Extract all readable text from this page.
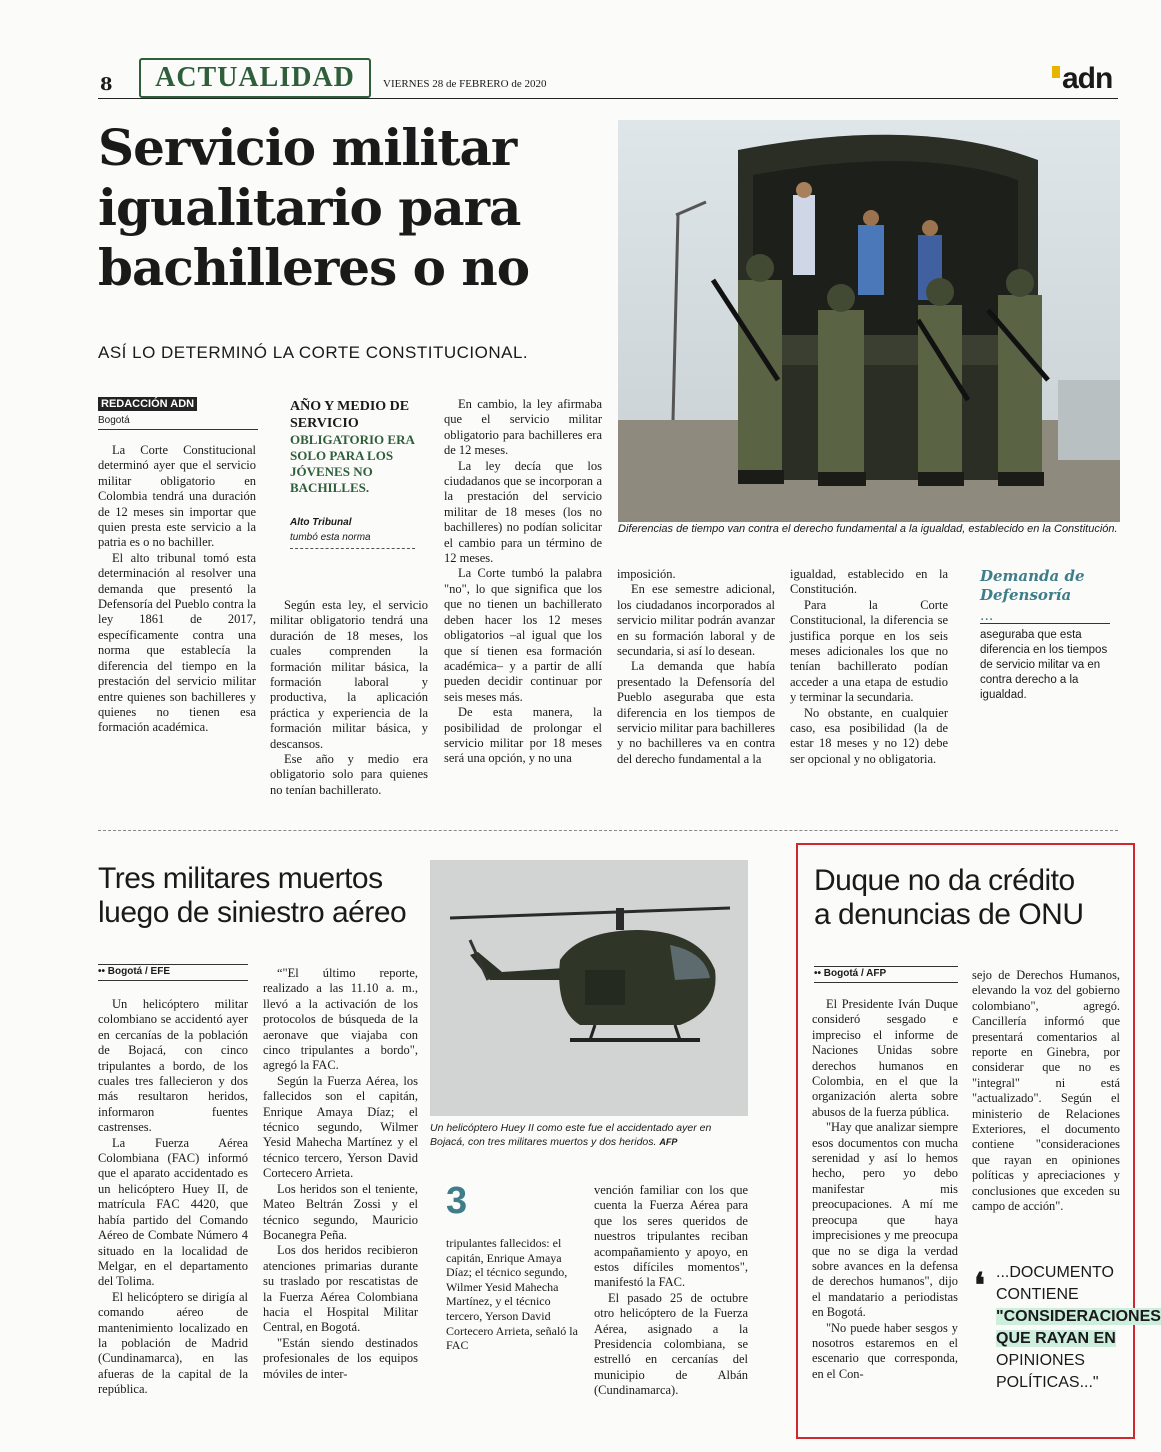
8	ACTUALIDAD	VIERNES 28 de FEBRERO de 2020	adn
Servicio militar
igualitario para
bachilleres o no
ASÍ LO DETERMINÓ LA CORTE CONSTITUCIONAL.
Diferencias de tiempo van contra el derecho fundamental a la igualdad, establecido en la Constitución.
REDACCIÓN ADN
Bogotá

La Corte Constitucional determinó ayer que el servicio militar obligatorio en Colombia tendrá una duración de 12 meses sin importar que quien presta este servicio a la patria es o no bachiller.

El alto tribunal tomó esta determinación al resolver una demanda que presentó la Defensoría del Pueblo contra la ley 1861 de 2017, específicamente contra una norma que establecía la diferencia del tiempo en la prestación del servicio militar entre quienes son bachilleres y quienes no tienen esa formación académica.

AÑO Y MEDIO DE SERVICIO
OBLIGATORIO ERA SOLO PARA LOS JÓVENES NO BACHILLES.
Alto Tribunal
tumbó esta norma

Según esta ley, el servicio militar obligatorio tendrá una duración de 18 meses, los cuales comprenden la formación militar básica, la formación laboral y productiva, la aplicación práctica y experiencia de la formación militar básica, y descansos.

Ese año y medio era obligatorio solo para quienes no tenían bachillerato.

En cambio, la ley afirmaba que el servicio militar obligatorio para bachilleres era de 12 meses.

La ley decía que los ciudadanos que se incorporan a la prestación del servicio militar de 18 meses (los no bachilleres) no podían solicitar el cambio para un término de 12 meses.

La Corte tumbó la palabra "no", lo que significa que los que no tienen un bachillerato deben hacer los 12 meses obligatorios –al igual que los que sí tienen esa formación académica– y a partir de allí pueden decidir continuar por seis meses más.

De esta manera, la posibilidad de prolongar el servicio militar por 18 meses será una opción, y no una

imposición.

En ese semestre adicional, los ciudadanos incorporados al servicio militar podrán avanzar en su formación laboral y de secundaria, si así lo desean.

La demanda que había presentado la Defensoría del Pueblo aseguraba que esta diferencia en los tiempos de servicio militar para bachilleres y no bachilleres va en contra del derecho fundamental a la

igualdad, establecido en la Constitución.

Para la Corte Constitucional, la diferencia se justifica porque en los seis meses adicionales los que no tenían bachillerato podían acceder a una etapa de estudio y terminar la secundaria.

No obstante, en cualquier caso, esa posibilidad (la de estar 18 meses y no 12) debe ser opcional y no obligatoria.

Demanda de Defensoría
...
aseguraba que esta diferencia en los tiempos de servicio militar va en contra derecho a la igualdad.
Tres militares muertos
luego de siniestro aéreo
•• Bogotá / EFE

Un helicóptero militar colombiano se accidentó ayer en cercanías de la población de Bojacá, con cinco tripulantes a bordo, de los cuales tres fallecieron y dos más resultaron heridos, informaron fuentes castrenses.

La Fuerza Aérea Colombiana (FAC) informó que el aparato accidentado es un helicóptero Huey II, de matrícula FAC 4420, que había partido del Comando Aéreo de Combate Número 4 situado en la localidad de Melgar, en el departamento del Tolima.

El helicóptero se dirigía al comando aéreo de mantenimiento localizado en la población de Madrid (Cundinamarca), en las afueras de la capital de la república.

“"El último reporte, realizado a las 11.10 a. m., llevó a la activación de los protocolos de búsqueda de la aeronave que viajaba con cinco tripulantes a bordo", agregó la FAC.

Según la Fuerza Aérea, los fallecidos son el capitán, Enrique Amaya Díaz; el técnico segundo, Wilmer Yesid Mahecha Martínez y el técnico tercero, Yerson David Cortecero Arrieta.

Los heridos son el teniente, Mateo Beltrán Zossi y el técnico segundo, Mauricio Bocanegra Peña.

Los dos heridos recibieron atenciones primarias durante su traslado por rescatistas de la Fuerza Aérea Colombiana hacia el Hospital Militar Central, en Bogotá.

"Están siendo destinados profesionales de los equipos móviles de inter-

Un helicóptero Huey II como este fue el accidentado ayer en Bojacá, con tres militares muertos y dos heridos. AFP
3
tripulantes fallecidos: el capitán, Enrique Amaya Díaz; el técnico segundo, Wilmer Yesid Mahecha Martínez, y el técnico tercero, Yerson David Cortecero Arrieta, señaló la FAC

vención familiar con los que cuenta la Fuerza Aérea para que los seres queridos de nuestros tripulantes reciban acompañamiento y apoyo, en estos difíciles momentos", manifestó la FAC.

El pasado 25 de octubre otro helicóptero de la Fuerza Aérea, asignado a la Presidencia colombiana, se estrelló en cercanías del municipio de Albán (Cundinamarca).

Duque no da crédito
a denuncias de ONU
•• Bogotá / AFP

El Presidente Iván Duque consideró sesgado e impreciso el informe de Naciones Unidas sobre derechos humanos en Colombia, en el que la organización alerta sobre abusos de la fuerza pública.

"Hay que analizar siempre esos documentos con mucha serenidad y así lo hemos hecho, pero yo debo manifestar mis preocupaciones. A mí me preocupa que haya imprecisiones y me preocupa que no se diga la verdad sobre avances en la defensa de derechos humanos", dijo el mandatario a periodistas en Bogotá.

"No puede haber sesgos y nosotros estaremos en el escenario que corresponda, en el Con-

sejo de Derechos Humanos, elevando la voz del gobierno colombiano", agregó. Cancillería informó que presentará comentarios al reporte en Ginebra, por considerar que no es "integral" ni está "actualizado". Según el ministerio de Relaciones Exteriores, el documento contiene "consideraciones que rayan en opiniones políticas y apreciaciones y conclusiones que exceden su campo de acción".

❛ ...DOCUMENTO CONTIENE
"CONSIDERACIONES QUE RAYAN EN
OPINIONES POLÍTICAS..."
